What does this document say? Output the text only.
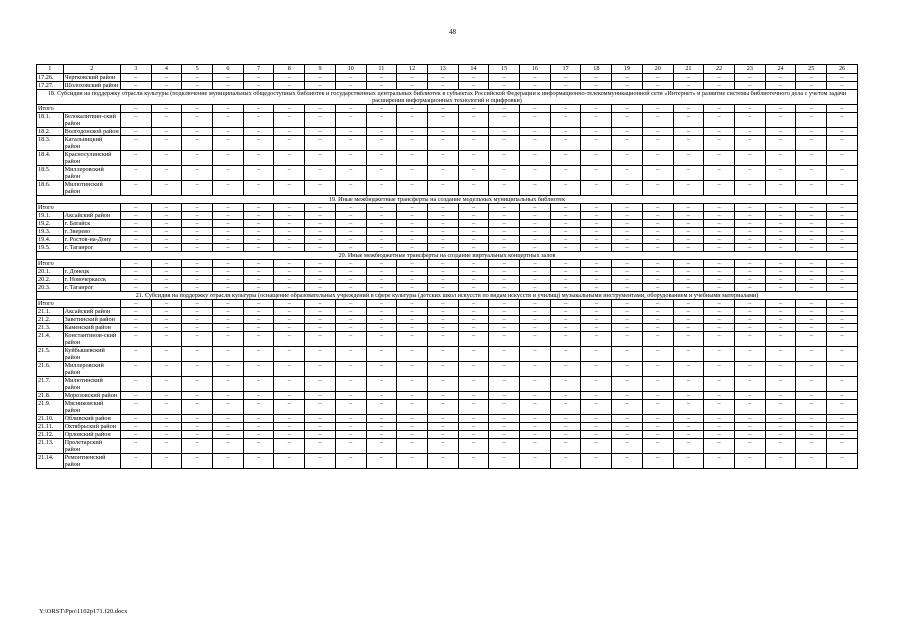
48
1	2	3	4	5	6	7	8	9	10	11	12	13	14	15	16	17	18	19	20	21	22	23	24	25	26
17.26.	Чертковский район	–	–	–	–	–	–	–	–	–	–	–	–	–	–	–	–	–	–	–	–	–	–	–	–
17.27.	Шолоховский район	–	–	–	–	–	–	–	–	–	–	–	–	–	–	–	–	–	–	–	–	–	–	–	–
18. Субсидия на поддержку отрасли культуры (подключение муниципальных общедоступных библиотек и государственных центральных библиотек в субъектах Российской Федерации к информационно-телекоммуникационной сети «Интернет» и развитие системы библиотечного дела с учетом задачи расширения информационных технологий и оцифровки)																									
Итого		–	–	–	–	–	–	–	–	–	–	–	–	–	–	–	–	–	–	–	–	–	–	–	–
18.1.	Белокалитвин-ский район	–	–	–	–	–	–	–	–	–	–	–	–	–	–	–	–	–	–	–	–	–	–	–	–
18.2.	Волгодонской район	–	–	–	–	–	–	–	–	–	–	–	–	–	–	–	–	–	–	–	–	–	–	–	–
18.3.	Кагальницкий район	–	–	–	–	–	–	–	–	–	–	–	–	–	–	–	–	–	–	–	–	–	–	–	–
18.4.	Красносулинский район	–	–	–	–	–	–	–	–	–	–	–	–	–	–	–	–	–	–	–	–	–	–	–	–
18.5.	Миллеровский район	–	–	–	–	–	–	–	–	–	–	–	–	–	–	–	–	–	–	–	–	–	–	–	–
18.6.	Милютинский район	–	–	–	–	–	–	–	–	–	–	–	–	–	–	–	–	–	–	–	–	–	–	–	–
19. Иные межбюджетные трансферты на создание модельных муниципальных библиотек																									
Итого		–	–	–	–	–	–	–	–	–	–	–	–	–	–	–	–	–	–	–	–	–	–	–	–
19.1.	Аксайский район	–	–	–	–	–	–	–	–	–	–	–	–	–	–	–	–	–	–	–	–	–	–	–	–
19.2.	г. Батайск	–	–	–	–	–	–	–	–	–	–	–	–	–	–	–	–	–	–	–	–	–	–	–	–
19.3.	г. Зверево	–	–	–	–	–	–	–	–	–	–	–	–	–	–	–	–	–	–	–	–	–	–	–	–
19.4.	г. Ростов-на-Дону	–	–	–	–	–	–	–	–	–	–	–	–	–	–	–	–	–	–	–	–	–	–	–	–
19.5.	г. Таганрог	–	–	–	–	–	–	–	–	–	–	–	–	–	–	–	–	–	–	–	–	–	–	–	–
20. Иные межбюджетные трансферты на создание виртуальных концертных залов																									
Итого		–	–	–	–	–	–	–	–	–	–	–	–	–	–	–	–	–	–	–	–	–	–	–	–
20.1.	г. Донецк	–	–	–	–	–	–	–	–	–	–	–	–	–	–	–	–	–	–	–	–	–	–	–	–
20.2.	г. Новочеркасск	–	–	–	–	–	–	–	–	–	–	–	–	–	–	–	–	–	–	–	–	–	–	–	–
20.3.	г. Таганрог	–	–	–	–	–	–	–	–	–	–	–	–	–	–	–	–	–	–	–	–	–	–	–	–
21. Субсидия на поддержку отрасли культуры (оснащение образовательных учреждений в сфере культуры (детских школ искусств по видам искусств и училищ) музыкальными инструментами, оборудованием и учебными материалами)																									
Итого		–	–	–	–	–	–	–	–	–	–	–	–	–	–	–	–	–	–	–	–	–	–	–	–
21.1.	Аксайский район	–	–	–	–	–	–	–	–	–	–	–	–	–	–	–	–	–	–	–	–	–	–	–	–
21.2.	Заветинский район	–	–	–	–	–	–	–	–	–	–	–	–	–	–	–	–	–	–	–	–	–	–	–	–
21.3.	Каменский район	–	–	–	–	–	–	–	–	–	–	–	–	–	–	–	–	–	–	–	–	–	–	–	–
21.4.	Константинов-ский район	–	–	–	–	–	–	–	–	–	–	–	–	–	–	–	–	–	–	–	–	–	–	–	–
21.5.	Куйбышевский район	–	–	–	–	–	–	–	–	–	–	–	–	–	–	–	–	–	–	–	–	–	–	–	–
21.6.	Миллеровский район	–	–	–	–	–	–	–	–	–	–	–	–	–	–	–	–	–	–	–	–	–	–	–	–
21.7.	Милютинский район	–	–	–	–	–	–	–	–	–	–	–	–	–	–	–	–	–	–	–	–	–	–	–	–
21.8.	Морозовский район	–	–	–	–	–	–	–	–	–	–	–	–	–	–	–	–	–	–	–	–	–	–	–	–
21.9.	Мясниковский район	–	–	–	–	–	–	–	–	–	–	–	–	–	–	–	–	–	–	–	–	–	–	–	–
21.10.	Обливский район	–	–	–	–	–	–	–	–	–	–	–	–	–	–	–	–	–	–	–	–	–	–	–	–
21.11.	Октябрьский район	–	–	–	–	–	–	–	–	–	–	–	–	–	–	–	–	–	–	–	–	–	–	–	–
21.12.	Орловский район	–	–	–	–	–	–	–	–	–	–	–	–	–	–	–	–	–	–	–	–	–	–	–	–
21.13.	Пролетарский район	–	–	–	–	–	–	–	–	–	–	–	–	–	–	–	–	–	–	–	–	–	–	–	–
21.14.	Ремонтненский район	–	–	–	–	–	–	–	–	–	–	–	–	–	–	–	–	–	–	–	–	–	–	–	–
Y:\ORST\Ppo\1102p171.f20.docx
